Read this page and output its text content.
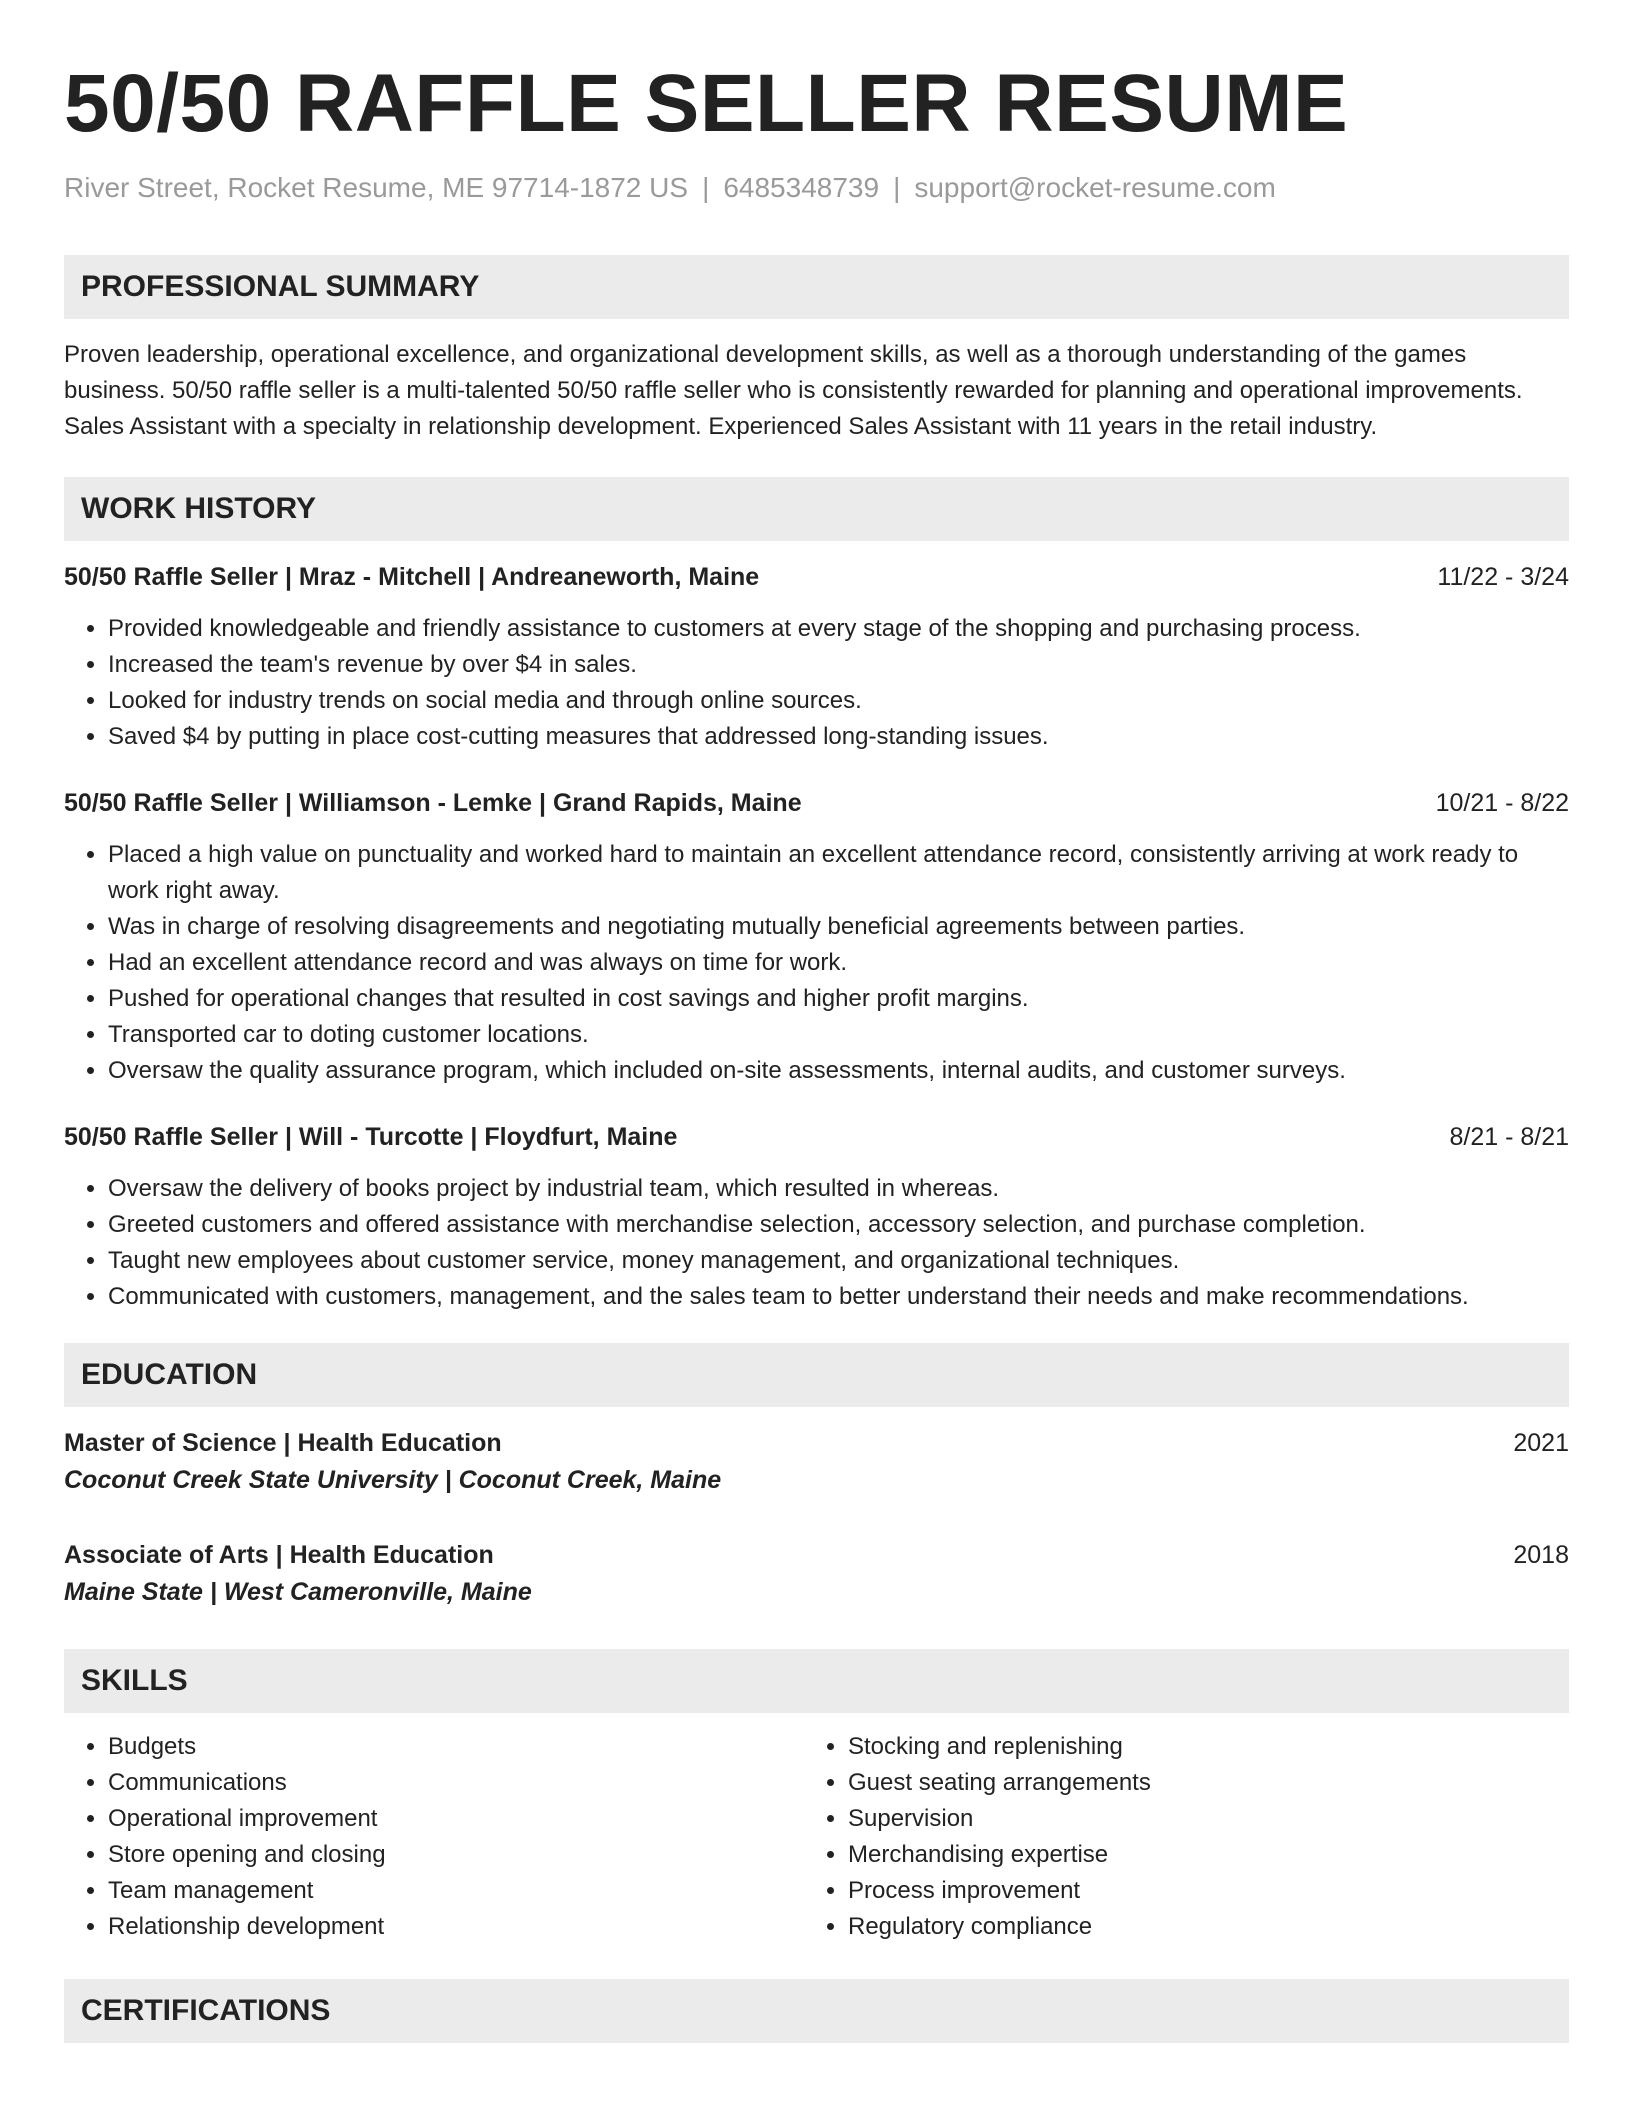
50/50 RAFFLE SELLER RESUME
River Street, Rocket Resume, ME 97714-1872 US | 6485348739 | support@rocket-resume.com
PROFESSIONAL SUMMARY

Proven leadership, operational excellence, and organizational development skills, as well as a thorough understanding of the games business. 50/50 raffle seller is a multi-talented 50/50 raffle seller who is consistently rewarded for planning and operational improvements. Sales Assistant with a specialty in relationship development. Experienced Sales Assistant with 11 years in the retail industry.

WORK HISTORY
50/50 Raffle Seller | Mraz - Mitchell | Andreaneworth, Maine	11/22 - 3/24
• Provided knowledgeable and friendly assistance to customers at every stage of the shopping and purchasing process.
• Increased the team's revenue by over $4 in sales.
• Looked for industry trends on social media and through online sources.
• Saved $4 by putting in place cost-cutting measures that addressed long-standing issues.
50/50 Raffle Seller | Williamson - Lemke | Grand Rapids, Maine	10/21 - 8/22
• Placed a high value on punctuality and worked hard to maintain an excellent attendance record, consistently arriving at work ready to work right away.
• Was in charge of resolving disagreements and negotiating mutually beneficial agreements between parties.
• Had an excellent attendance record and was always on time for work.
• Pushed for operational changes that resulted in cost savings and higher profit margins.
• Transported car to doting customer locations.
• Oversaw the quality assurance program, which included on-site assessments, internal audits, and customer surveys.
50/50 Raffle Seller | Will - Turcotte | Floydfurt, Maine	8/21 - 8/21
• Oversaw the delivery of books project by industrial team, which resulted in whereas.
• Greeted customers and offered assistance with merchandise selection, accessory selection, and purchase completion.
• Taught new employees about customer service, money management, and organizational techniques.
• Communicated with customers, management, and the sales team to better understand their needs and make recommendations.
EDUCATION
Master of Science | Health Education	2021
Coconut Creek State University | Coconut Creek, Maine
Associate of Arts | Health Education	2018
Maine State | West Cameronville, Maine
SKILLS
• Budgets
• Communications
• Operational improvement
• Store opening and closing
• Team management
• Relationship development
• Stocking and replenishing
• Guest seating arrangements
• Supervision
• Merchandising expertise
• Process improvement
• Regulatory compliance
CERTIFICATIONS
